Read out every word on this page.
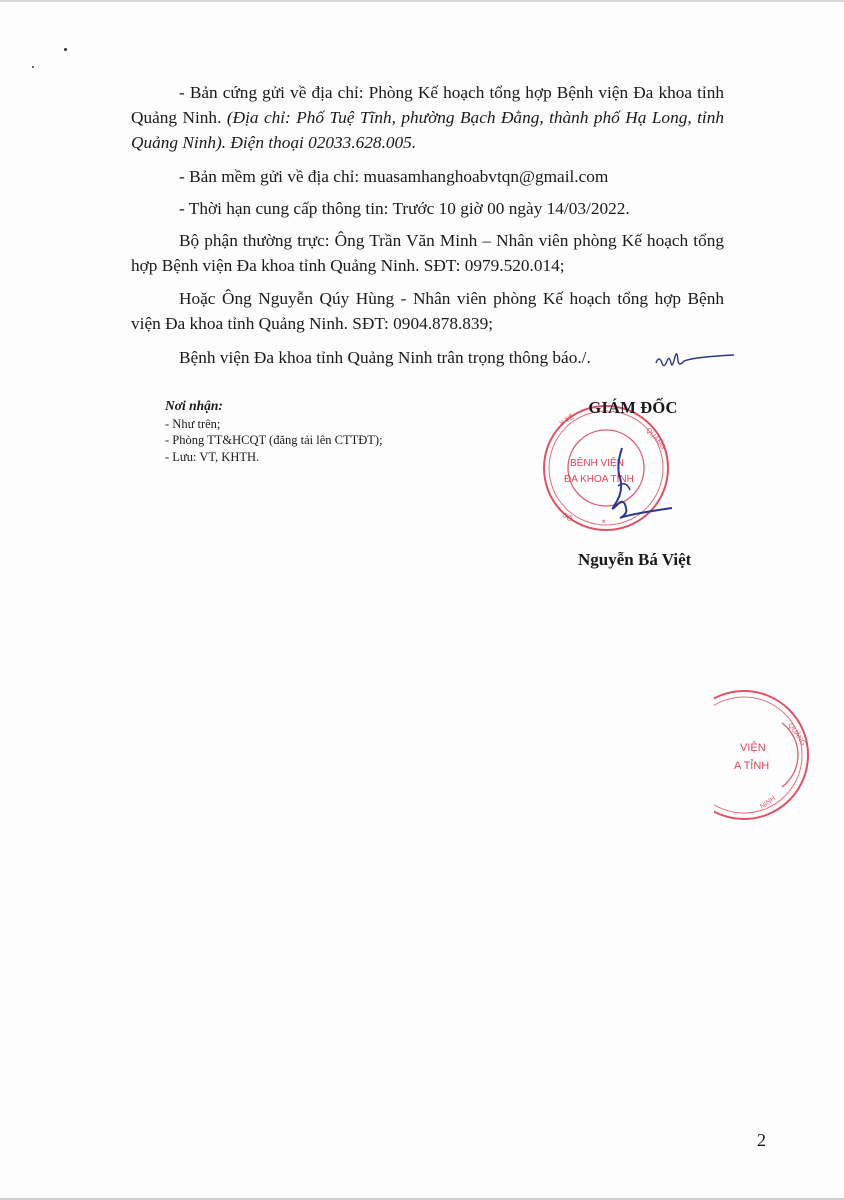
- Bản cứng gửi về địa chỉ: Phòng Kế hoạch tổng hợp Bệnh viện Đa khoa tỉnh Quảng Ninh. (Địa chỉ: Phố Tuệ Tĩnh, phường Bạch Đằng, thành phố Hạ Long, tỉnh Quảng Ninh). Điện thoại 02033.628.005.

- Bản mềm gửi về địa chỉ: muasamhanghoabvtqn@gmail.com

- Thời hạn cung cấp thông tin: Trước 10 giờ 00 ngày 14/03/2022.

Bộ phận thường trực: Ông Trần Văn Minh – Nhân viên phòng Kế hoạch tổng hợp Bệnh viện Đa khoa tỉnh Quảng Ninh. SĐT: 0979.520.014;

Hoặc Ông Nguyễn Qúy Hùng - Nhân viên phòng Kế hoạch tổng hợp Bệnh viện Đa khoa tỉnh Quảng Ninh. SĐT: 0904.878.839;

Bệnh viện Đa khoa tỉnh Quảng Ninh trân trọng thông báo./.

Nơi nhận:
- Như trên;
- Phòng TT&HCQT (đăng tải lên CTTĐT);
- Lưu: VT, KHTH.	BỆNH VIỆN
ĐA KHOA TỈNH
Y TẾ
QUẢNG
SỐ	*
GIÁM ĐỐC
Nguyễn Bá Việt
VIỆN
A TỈNH
QUẢNG
NINH
2
